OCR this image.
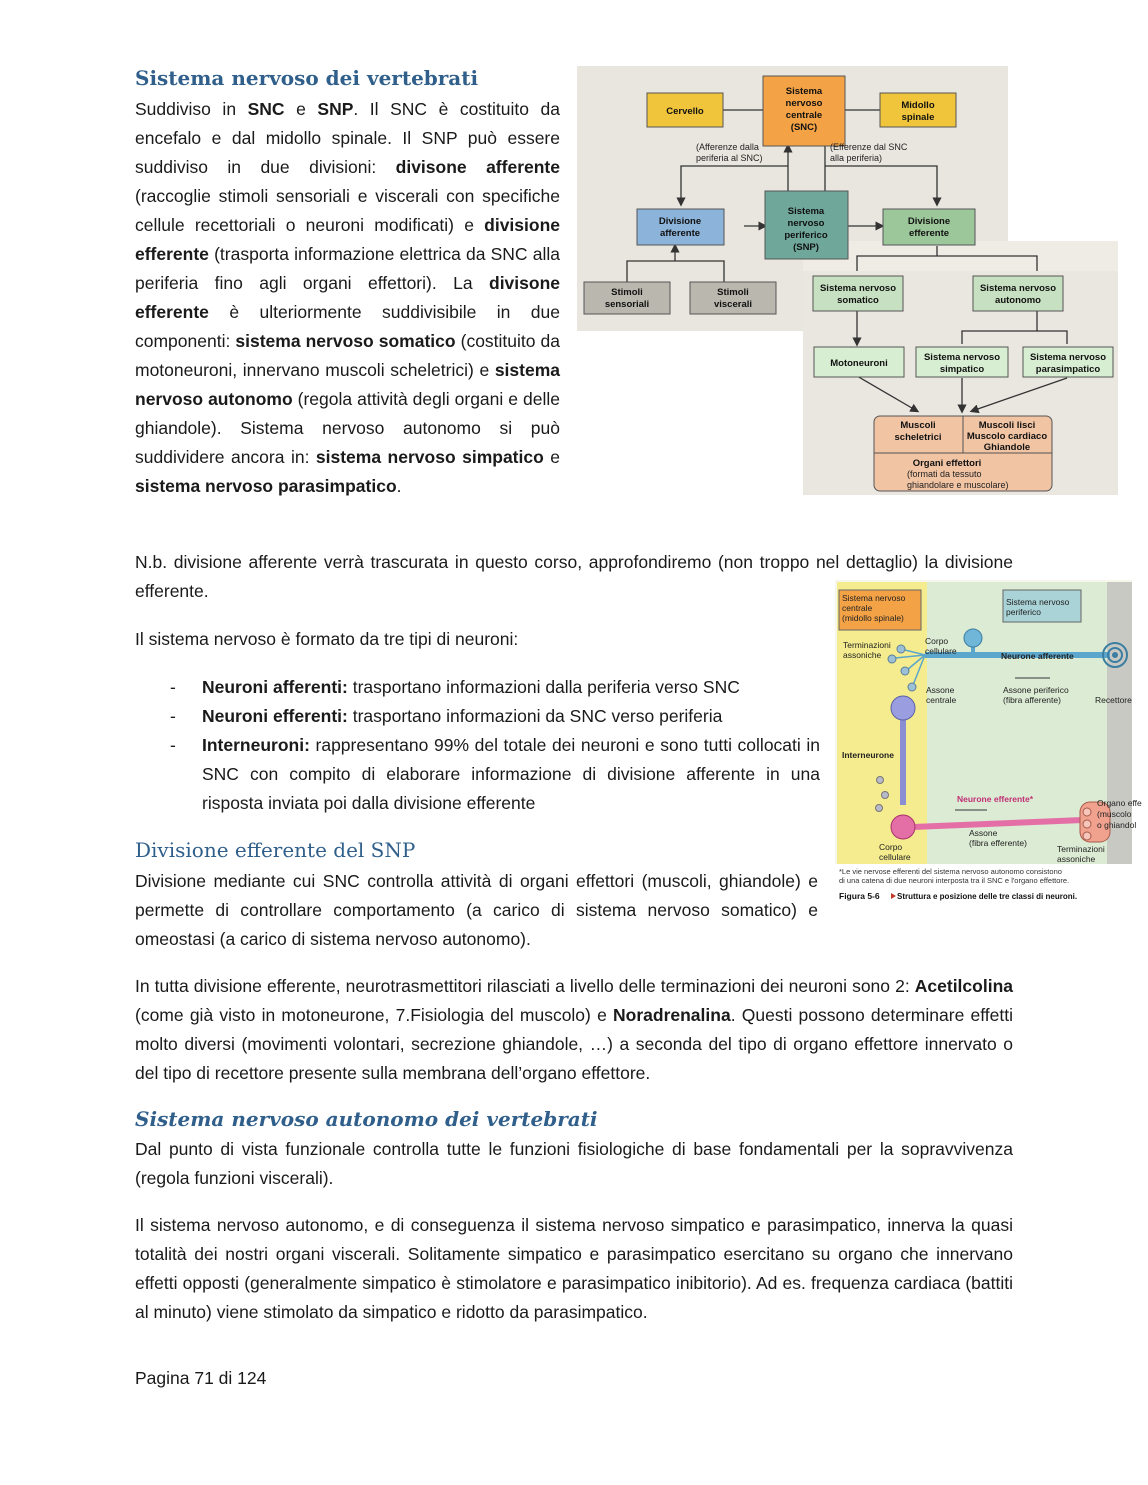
Sistema nervoso dei vertebrati

Suddiviso in SNC e SNP. Il SNC è costituito da encefalo e dal midollo spinale. Il SNP può essere suddiviso in due divisioni: divisone afferente (raccoglie stimoli sensoriali e viscerali con specifiche cellule recettoriali o neuroni modificati) e divisione efferente (trasporta informazione elettrica da SNC alla periferia fino agli organi effettori). La divisone efferente è ulteriormente suddivisibile in due componenti: sistema nervoso somatico (costituito da motoneuroni, innervano muscoli scheletrici) e sistema nervoso autonomo (regola attività degli organi e delle ghiandole). Sistema nervoso autonomo si può suddividere ancora in: sistema nervoso simpatico e sistema nervoso parasimpatico.

Cervello
Sistema
nervoso
centrale
(SNC)
Midollo
spinale
Divisione
afferente
Sistema
nervoso
periferico
(SNP)
Divisione
efferente
Stimoli
sensoriali
Stimoli
viscerali
Sistema nervoso
somatico
Sistema nervoso
autonomo
Motoneuroni
Sistema nervoso
simpatico
Sistema nervoso
parasimpatico
Muscoli
scheletrici
Muscoli lisci
Muscolo cardiaco
Ghiandole
Organi effettori
(Afferenze dalla
periferia al SNC)
(Efferenze dal SNC
alla periferia)
(formati da tessuto
ghiandolare e muscolare)

N.b. divisione afferente verrà trascurata in questo corso, approfondiremo (non troppo nel dettaglio) la divisione efferente.

Il sistema nervoso è formato da tre tipi di neuroni:

- Neuroni afferenti: trasportano informazioni dalla periferia verso SNC
- Neuroni efferenti: trasportano informazioni da SNC verso periferia
- Interneuroni: rappresentano 99% del totale dei neuroni e sono tutti collocati in SNC con compito di elaborare informazione di divisione afferente in una risposta inviata poi dalla divisione efferente
Sistema nervoso
centrale
(midollo spinale)
Sistema nervoso
periferico
Terminazioni
assoniche
Corpo
cellulare	Neurone afferente
Assone
centrale
Assone periferico
(fibra afferente)	Recettore
Interneurone
Neurone efferente*	Organo effe
(muscolo
o ghiandol
Assone
(fibra efferente)
Corpo
cellulare
Terminazioni
assoniche
*Le vie nervose efferenti del sistema nervoso autonomo consistono
di una catena di due neuroni interposta tra il SNC e l'organo effettore.
Figura 5-6 Struttura e posizione delle tre classi di neuroni.
Divisione efferente del SNP

Divisione mediante cui SNC controlla attività di organi effettori (muscoli, ghiandole) e permette di controllare comportamento (a carico di sistema nervoso somatico) e omeostasi (a carico di sistema nervoso autonomo).

In tutta divisione efferente, neurotrasmettitori rilasciati a livello delle terminazioni dei neuroni sono 2: Acetilcolina (come già visto in motoneurone, 7.Fisiologia del muscolo) e Noradrenalina. Questi possono determinare effetti molto diversi (movimenti volontari, secrezione ghiandole, …) a seconda del tipo di organo effettore innervato o del tipo di recettore presente sulla membrana dell’organo effettore.

Sistema nervoso autonomo dei vertebrati

Dal punto di vista funzionale controlla tutte le funzioni fisiologiche di base fondamentali per la sopravvivenza (regola funzioni viscerali).

Il sistema nervoso autonomo, e di conseguenza il sistema nervoso simpatico e parasimpatico, innerva la quasi totalità dei nostri organi viscerali. Solitamente simpatico e parasimpatico esercitano su organo che innervano effetti opposti (generalmente simpatico è stimolatore e parasimpatico inibitorio). Ad es. frequenza cardiaca (battiti al minuto) viene stimolato da simpatico e ridotto da parasimpatico.

Pagina 71 di 124
